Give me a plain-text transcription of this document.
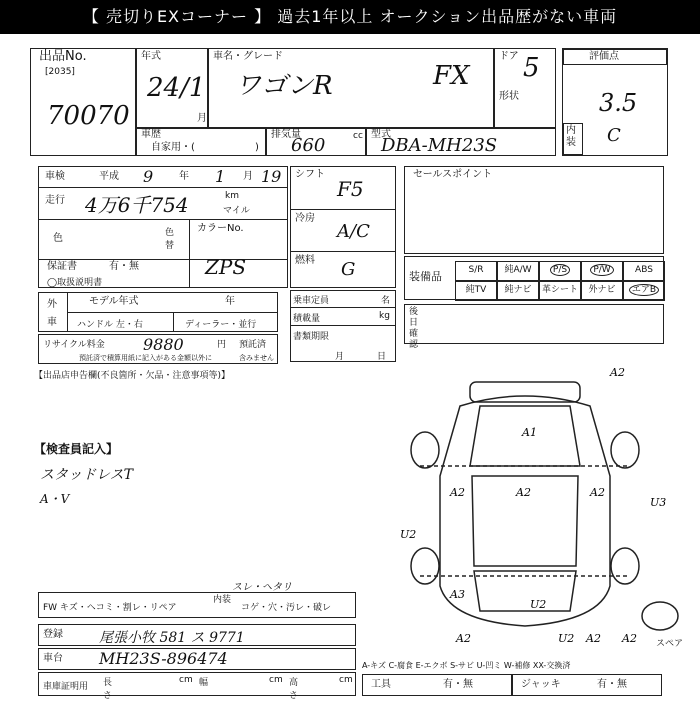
【 売切りEXコーナー 】 過去1年以上 オークション出品歴がない車両
出品No.
[2035]
70070
年式
24/1
月
車名・グレード
ワゴンR	FX
ドア 5
形状
評価点
3.5
内装 C
車歴
自家用・(	)
排気量
660	cc 型式
DBA-MH23S
車検	平成 9	年 1 月 19
走行 4万6千754	km
マイル
色	色替
カラーNo.
ZPS
保証書	有・無
◯取扱説明書
シフト
F5
冷房
A/C
燃料 G
セールスポイント
装備品	S/R	純A/W	P/S	P/W	ABS
純TV	純ナビ	革シート	外ナビ	エアB
乗車定員	名
積載量	kg
書類期限
月	日
後日確認
外車
モデル年式	年
ハンドル 左・右	ディーラー・並行
リサイクル料金 9880	円 預託済
預託済で積算用紙に記入がある金額以外に	含みません
【出品店申告欄(不良箇所・欠品・注意事項等)】
【検査員記入】
スタッドレスT
A・V
A2
A1
A2	A2
U3
U2
A3
U2
A2	U2 A2 A2
A2
スペア
FW キズ・ヘコミ・割レ・リペア
内装
コゲ・穴・汚レ・破レ
スレ・ヘタリ
登録	尾張小牧 581 ス 9771
車台 MH23S-896474
車庫証明用 長さ
cm 幅	cm 高さ
cm
A-キズ C-腐食 E-エクボ S-サビ U-凹ミ W-補修 XX-交換済
工具	有・無	ジャッキ	有・無
